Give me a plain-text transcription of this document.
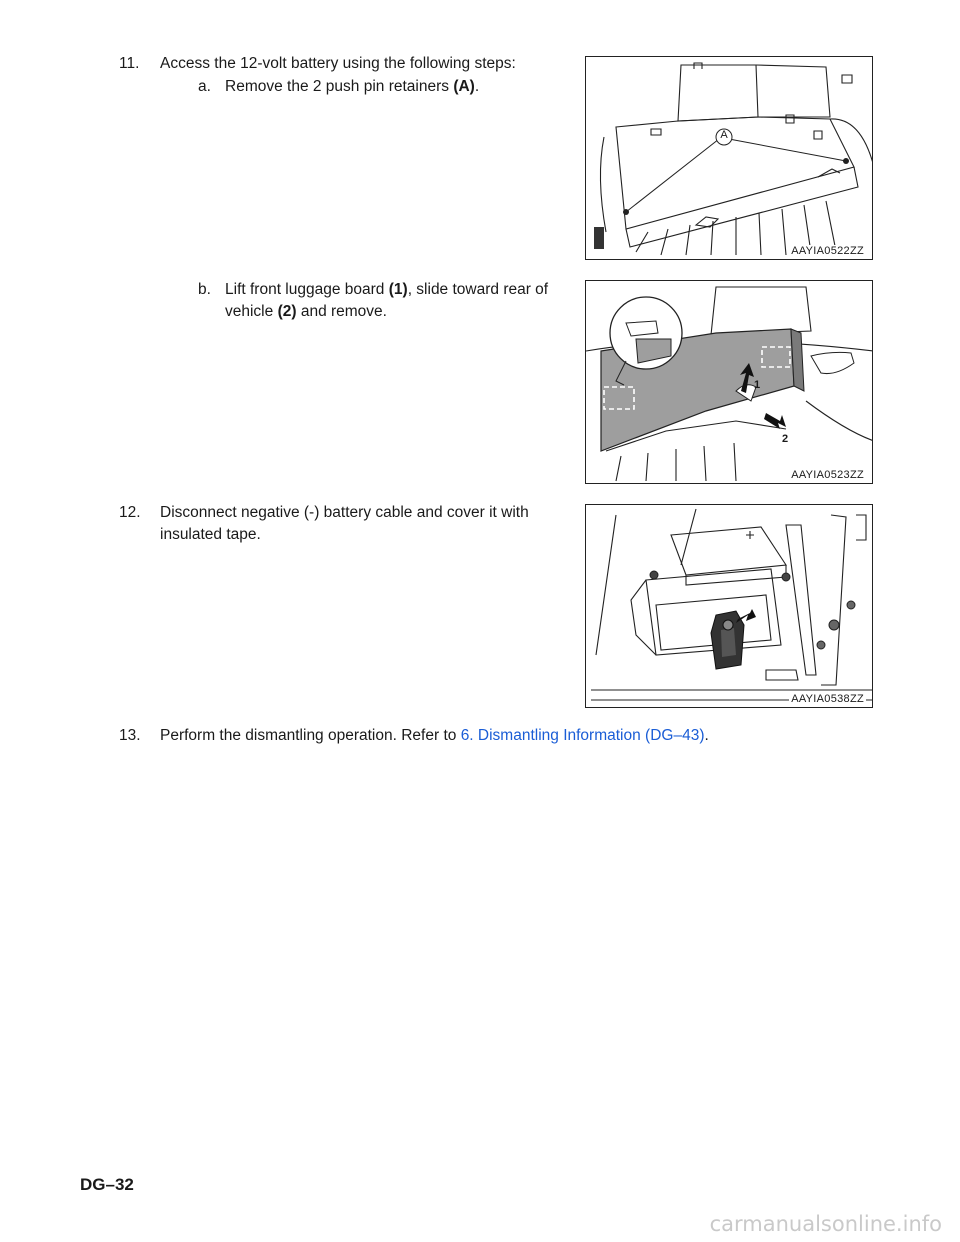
11. Access the 12-volt battery using the following steps:
a. Remove the 2 push pin retainers (A).
A
AAYIA0522ZZ
b. Lift front luggage board (1), slide toward rear of
vehicle (2) and remove.
1
2
AAYIA0523ZZ
12. Disconnect negative (-) battery cable and cover it with
insulated tape.
AAYIA0538ZZ
13. Perform the dismantling operation. Refer to 6. Dismantling Information (DG–43).
DG–32
carmanualsonline.info
